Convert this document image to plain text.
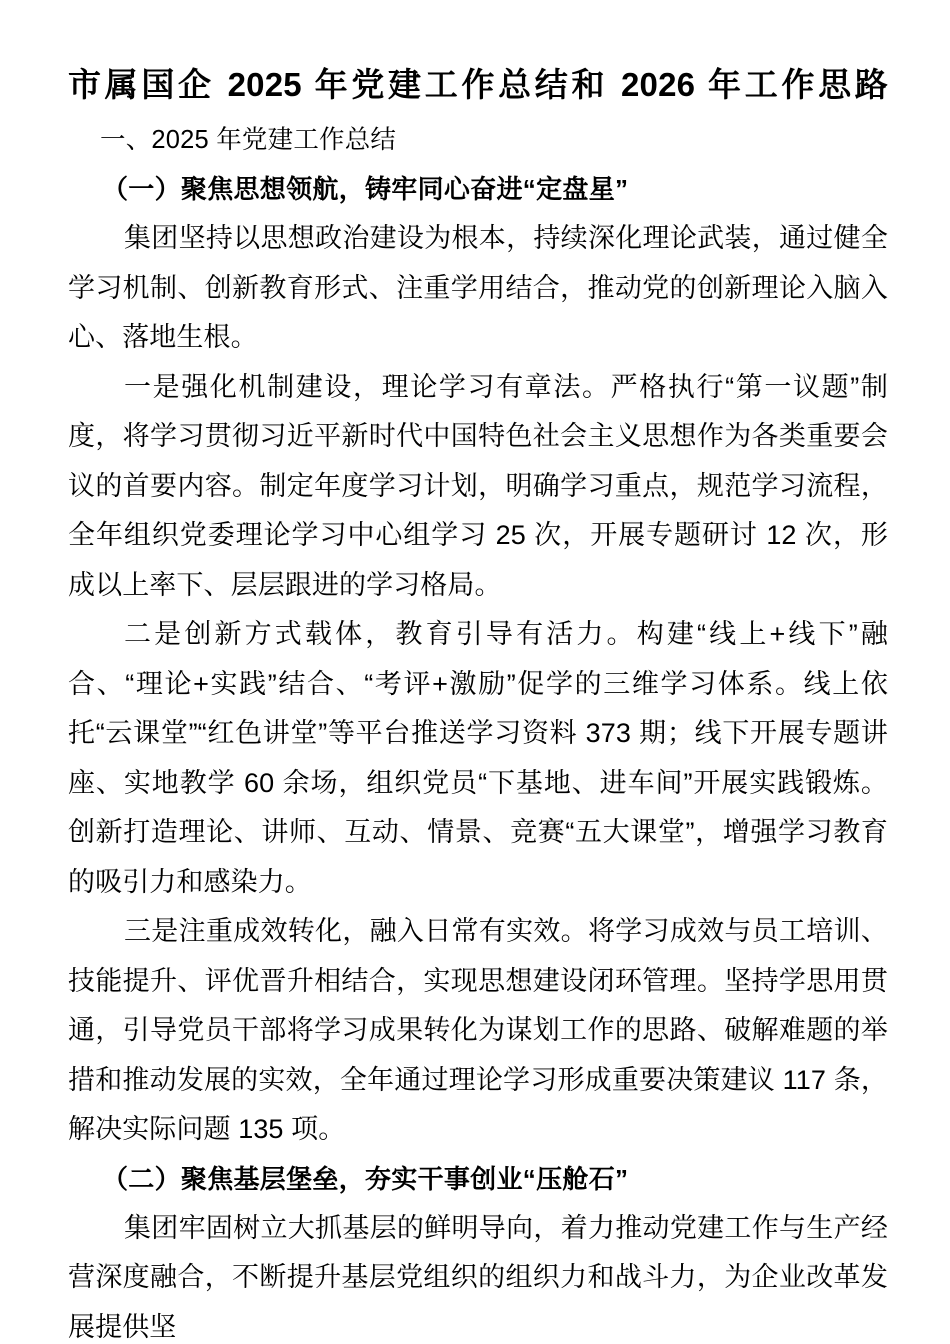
市属国企 2025 年党建工作总结和 2026 年工作思路

一、2025 年党建工作总结

（一）聚焦思想领航，铸牢同心奋进“定盘星”

集团坚持以思想政治建设为根本，持续深化理论武装，通过健全学习机制、创新教育形式、注重学用结合，推动党的创新理论入脑入心、落地生根。

一是强化机制建设，理论学习有章法。严格执行“第一议题”制度，将学习贯彻习近平新时代中国特色社会主义思想作为各类重要会议的首要内容。制定年度学习计划，明确学习重点，规范学习流程，全年组织党委理论学习中心组学习 25 次，开展专题研讨 12 次，形成以上率下、层层跟进的学习格局。

二是创新方式载体，教育引导有活力。构建“线上+线下”融合、“理论+实践”结合、“考评+激励”促学的三维学习体系。线上依托“云课堂”“红色讲堂”等平台推送学习资料 373 期；线下开展专题讲座、实地教学 60 余场，组织党员“下基地、进车间”开展实践锻炼。创新打造理论、讲师、互动、情景、竞赛“五大课堂”，增强学习教育的吸引力和感染力。

三是注重成效转化，融入日常有实效。将学习成效与员工培训、技能提升、评优晋升相结合，实现思想建设闭环管理。坚持学思用贯通，引导党员干部将学习成果转化为谋划工作的思路、破解难题的举措和推动发展的实效，全年通过理论学习形成重要决策建议 117 条，解决实际问题 135 项。

（二）聚焦基层堡垒，夯实干事创业“压舱石”

集团牢固树立大抓基层的鲜明导向，着力推动党建工作与生产经营深度融合，不断提升基层党组织的组织力和战斗力，为企业改革发展提供坚
